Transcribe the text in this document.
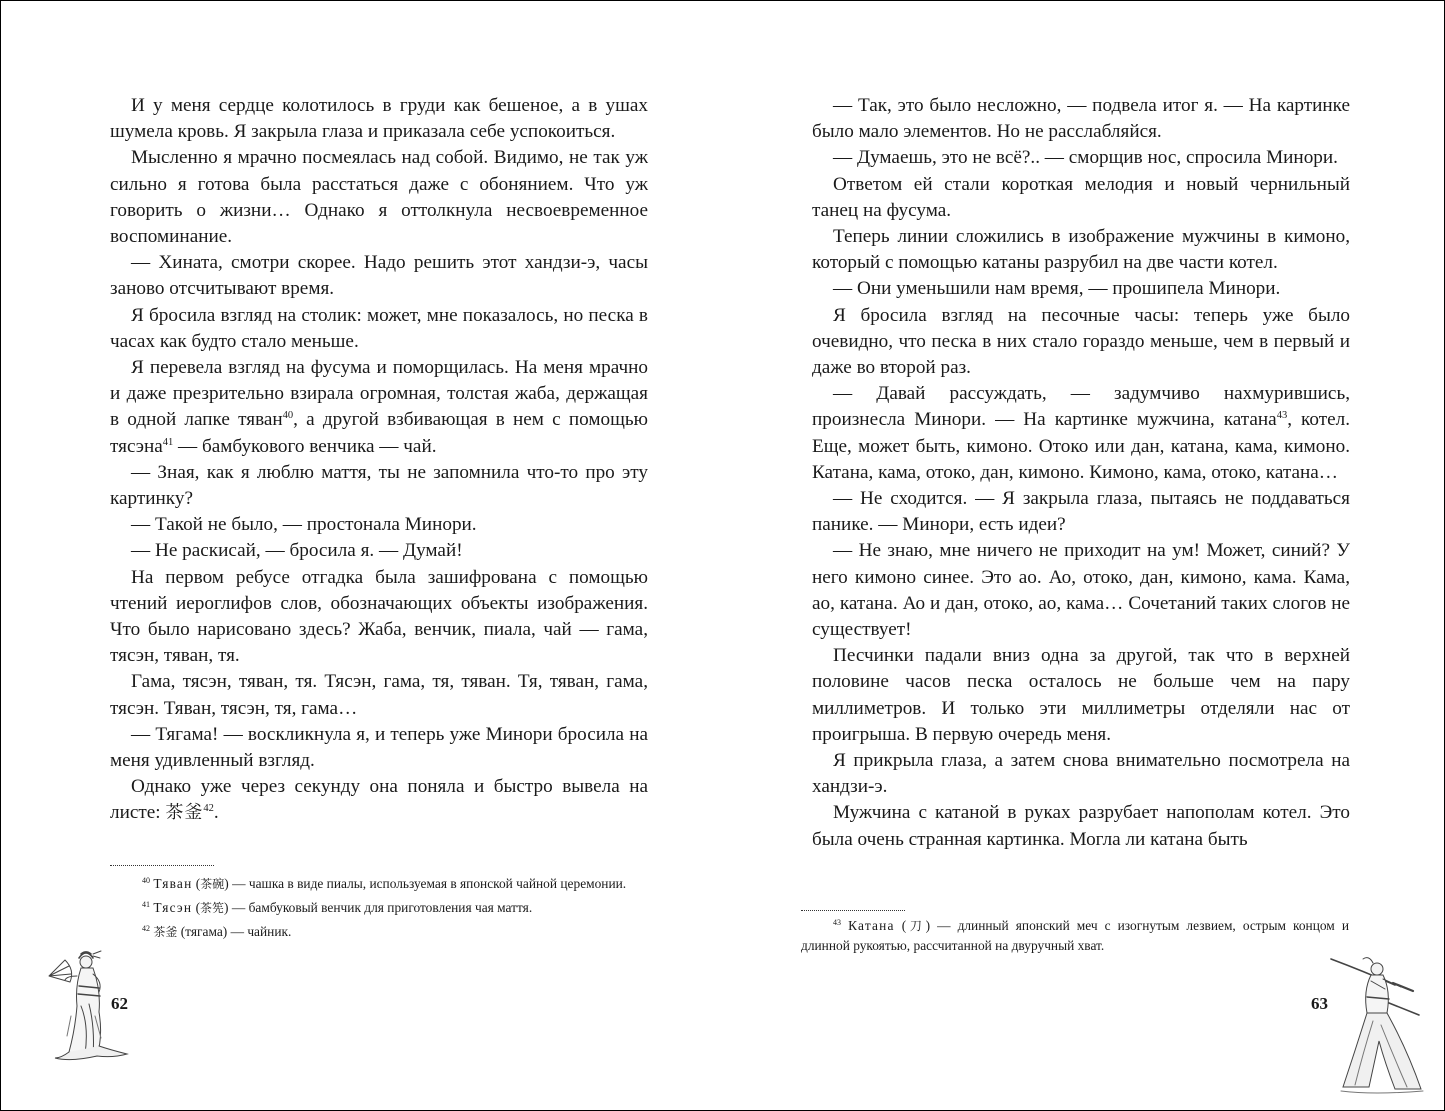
И у меня сердце колотилось в груди как бешеное, а в ушах шумела кровь. Я закрыла глаза и приказала себе успокоиться.

Мысленно я мрачно посмеялась над собой. Видимо, не так уж сильно я готова была расстаться даже с обонянием. Что уж говорить о жизни… Однако я оттолкнула несвоевременное воспоминание.

— Хината, смотри скорее. Надо решить этот хандзи-э, часы заново отсчитывают время.

Я бросила взгляд на столик: может, мне показалось, но песка в часах как будто стало меньше.

Я перевела взгляд на фусума и поморщилась. На меня мрачно и даже презрительно взирала огромная, толстая жаба, держащая в одной лапке тяван$^{40}$, а другой взбивающая в нем с помощью тясэна$^{41}$ — бамбукового венчика — чай.

— Зная, как я люблю маття, ты не запомнила что-то про эту картинку?

— Такой не было, — простонала Минори.

— Не раскисай, — бросила я. — Думай!

На первом ребусе отгадка была зашифрована с помощью чтений иероглифов слов, обозначающих объекты изображения. Что было нарисовано здесь? Жаба, венчик, пиала, чай — гама, тясэн, тяван, тя.

Гама, тясэн, тяван, тя. Тясэн, гама, тя, тяван. Тя, тяван, гама, тясэн. Тяван, тясэн, тя, гама…

— Тягама! — воскликнула я, и теперь уже Минори бросила на меня удивленный взгляд.

Однако уже через секунду она поняла и быстро вывела на листе: 茶釜$^{42}$.

$^{40}$ Тяван (茶碗) — чашка в виде пиалы, используемая в японской чайной церемонии.

$^{41}$ Тясэн (茶筅) — бамбуковый венчик для приготовления чая маття.

$^{42}$ 茶釜 (тягама) — чайник.

62

— Так, это было несложно, — подвела итог я. — На картинке было мало элементов. Но не расслабляйся.

— Думаешь, это не всё?.. — сморщив нос, спросила Минори.

Ответом ей стали короткая мелодия и новый чернильный танец на фусума.

Теперь линии сложились в изображение мужчины в кимоно, который с помощью катаны разрубил на две части котел.

— Они уменьшили нам время, — прошипела Минори.

Я бросила взгляд на песочные часы: теперь уже было очевидно, что песка в них стало гораздо меньше, чем в первый и даже во второй раз.

— Давай рассуждать, — задумчиво нахмурившись, произнесла Минори. — На картинке мужчина, катана$^{43}$, котел. Еще, может быть, кимоно. Отоко или дан, катана, кама, кимоно. Катана, кама, отоко, дан, кимоно. Кимоно, кама, отоко, катана…

— Не сходится. — Я закрыла глаза, пытаясь не поддаваться панике. — Минори, есть идеи?

— Не знаю, мне ничего не приходит на ум! Может, синий? У него кимоно синее. Это ао. Ао, отоко, дан, кимоно, кама. Кама, ао, катана. Ао и дан, отоко, ао, кама… Сочетаний таких слогов не существует!

Песчинки падали вниз одна за другой, так что в верхней половине часов песка осталось не больше чем на пару миллиметров. И только эти миллиметры отделяли нас от проигрыша. В первую очередь меня.

Я прикрыла глаза, а затем снова внимательно посмотрела на хандзи-э.

Мужчина с катаной в руках разрубает напополам котел. Это была очень странная картинка. Могла ли катана быть

$^{43}$ Катана (刀) — длинный японский меч с изогнутым лезвием, острым концом и длинной рукоятью, рассчитанной на двуручный хват.

63
